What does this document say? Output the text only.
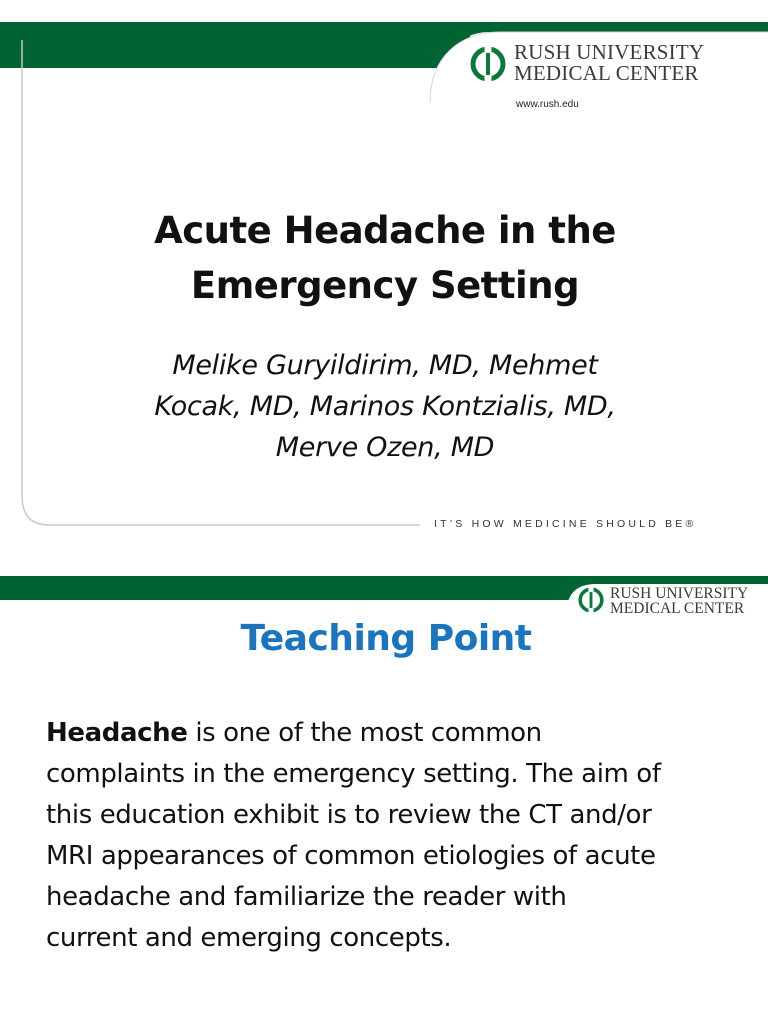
RUSH UNIVERSITY
MEDICAL CENTER
www.rush.edu
Acute Headache in the
Emergency Setting
Melike Guryildirim, MD, Mehmet
Kocak, MD, Marinos Kontzialis, MD,
Merve Ozen, MD
IT’S HOW MEDICINE SHOULD BE®
RUSH UNIVERSITY
MEDICAL CENTER
Teaching Point
Headache is one of the most common
complaints in the emergency setting. The aim of
this education exhibit is to review the CT and/or
MRI appearances of common etiologies of acute
headache and familiarize the reader with
current and emerging concepts.
